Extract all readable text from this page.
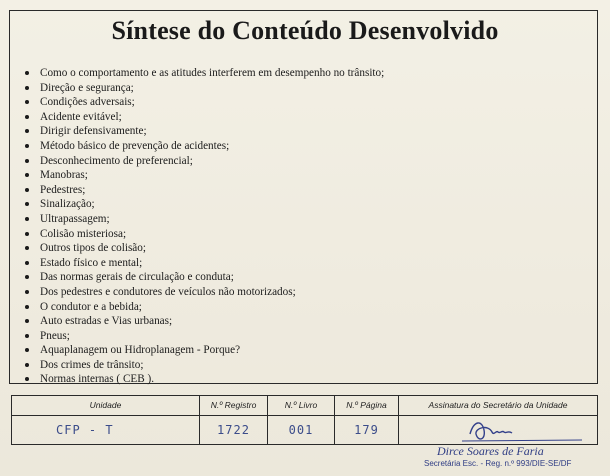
Síntese do Conteúdo Desenvolvido
Como o comportamento e as atitudes interferem em desempenho no trânsito;
Direção e segurança;
Condições adversais;
Acidente evitável;
Dirigir defensivamente;
Método básico de prevenção de acidentes;
Desconhecimento de preferencial;
Manobras;
Pedestres;
Sinalização;
Ultrapassagem;
Colisão misteriosa;
Outros tipos de colisão;
Estado físico e mental;
Das normas gerais de circulação e conduta;
Dos pedestres e condutores de veículos não motorizados;
O condutor e a bebida;
Auto estradas e Vias urbanas;
Pneus;
Aquaplanagem ou Hidroplanagem - Porque?
Dos crimes de trânsito;
Normas internas ( CEB ).
Unidade	N.º Registro	N.º Livro	N.º Página	Assinatura do Secretário da Unidade
CFP - T	1722	001	179
Dirce Soares de Faria
Secretária Esc. - Reg. n.º 993/DIE-SE/DF
